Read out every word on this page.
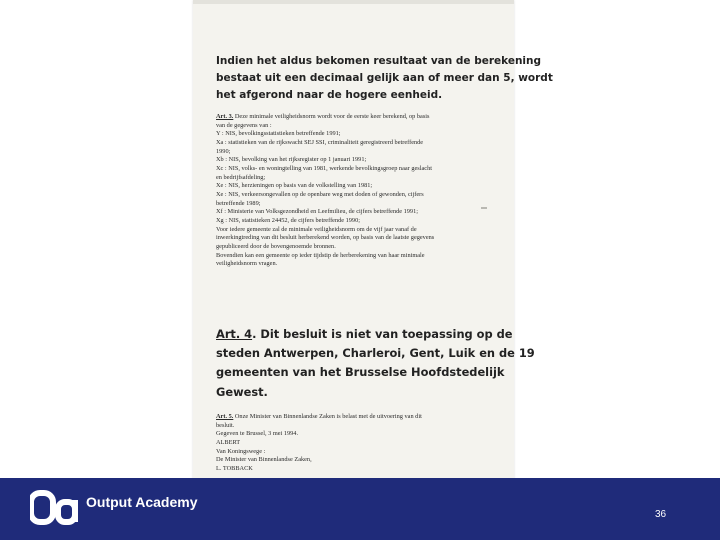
Indien het aldus bekomen resultaat van de berekening
bestaat uit een decimaal gelijk aan of meer dan 5, wordt
het afgerond naar de hogere eenheid.
Art. 3. Deze minimale veiligheidsnorm wordt voor de eerste keer berekend, op basis
van de gegevens van :
Y : NIS, bevolkingsstatistieken betreffende 1991;
Xa : statistieken van de rijkswacht SEJ SSI, criminaliteit geregistreerd betreffende
1990;
Xb : NIS, bevolking van het rijksregister op 1 januari 1991;
Xc : NIS, volks- en woningtelling van 1981, werkende bevolkingsgroep naar geslacht
en bedrijfsafdeling;
Xe : NIS, herzieningen op basis van de volkstelling van 1981;
Xe : NIS, verkeersongevallen op de openbare weg met doden of gewonden, cijfers
betreffende 1989;
Xf : Ministerie van Volksgezondheid en Leefmilieu, de cijfers betreffende 1991;
Xg : NIS, statistieken 24452, de cijfers betreffende 1990;
Voor iedere gemeente zal de minimale veiligheidsnorm om de vijf jaar vanaf de
inwerkingtreding van dit besluit herberekend worden, op basis van de laatste gegevens
gepubliceerd door de bovengenoemde bronnen.
Bovendien kan een gemeente op ieder tijdstip de herberekening van haar minimale
veiligheidsnorm vragen.
Art. 4. Dit besluit is niet van toepassing op de
steden Antwerpen, Charleroi, Gent, Luik en de 19
gemeenten van het Brusselse Hoofdstedelijk
Gewest.
Art. 5. Onze Minister van Binnenlandse Zaken is belast met de uitvoering van dit
besluit.
Gegeven te Brussel, 3 mei 1994.
ALBERT
Van Koningswege :
De Minister van Binnenlandse Zaken,
L. TOBBACK
Output Academy
36
